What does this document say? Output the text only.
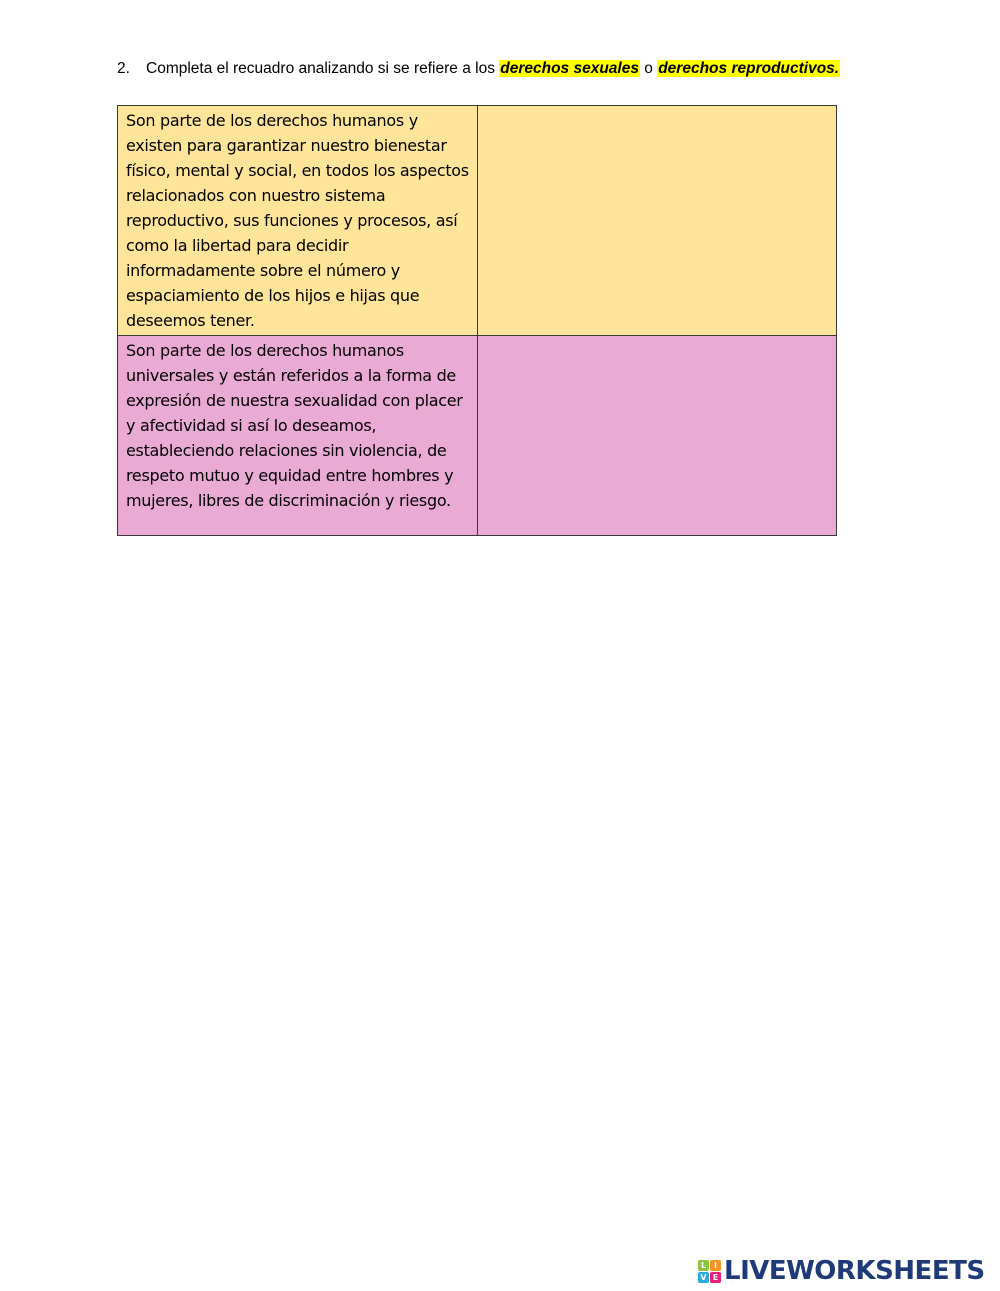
2. Completa el recuadro analizando si se refiere a los derechos sexuales o derechos reproductivos.
Son parte de los derechos humanos y existen para garantizar nuestro bienestar físico, mental y social, en todos los aspectos relacionados con nuestro sistema reproductivo, sus funciones y procesos, así como la libertad para decidir informadamente sobre el número y espaciamiento de los hijos e hijas que deseemos tener.	

Son parte de los derechos humanos universales y están referidos a la forma de expresión de nuestra sexualidad con placer y afectividad si así lo deseamos, estableciendo relaciones sin violencia, de respeto mutuo y equidad entre hombres y mujeres, libres de discriminación y riesgo.	
L I
V E LIVEWORKSHEETS
